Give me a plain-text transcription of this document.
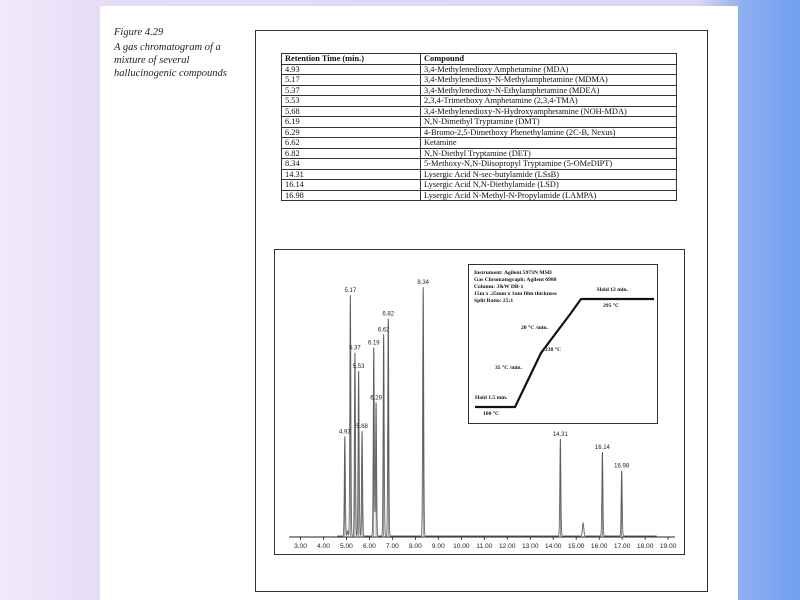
Figure 4.29
A gas chromatogram of a mixture of several hallucinogenic compounds
Retention Time (min.)	Compound
4.93	3,4-Methylenedioxy Amphetamine (MDA)
5.17	3,4-Methylenedioxy-N-Methylamphetamine (MDMA)
5.37	3,4-Methylenedioxy-N-Ethylamphetamine (MDEA)
5.53	2,3,4-Trimethoxy Amphetamine (2,3,4-TMA)
5.68	3,4-Methylenedioxy-N-Hydroxyamphetamine (NOH-MDA)
6.19	N,N-Dimethyl Tryptamine (DMT)
6.29	4-Bromo-2,5-Dimethoxy Phenethylamine (2C-B, Nexus)
6.62	Ketamine
6.82	N,N-Diethyl Tryptamine (DET)
8.34	5-Methoxy-N,N-Diisopropyl Tryptamine (5-OMeDIPT)
14.31	Lysergic Acid N-sec-butylamide (LSsB)
16.14	Lysergic Acid N,N-Diethylamide (LSD)
16.98	Lysergic Acid N-Methyl-N-Propylamide (LAMPA)
4.93
5.17
5.37
5.53
5.68
6.19
6.29
6.62
6.82
8.34
14.31
16.14
16.98
3.00 4.00 5.00 6.00 7.00 8.00 9.00 10.00 11.00 12.00 13.00 14.00 15.00 16.00 17.00 18.00 19.00
Instrument: Agilent 5973N MSD
Gas Chromatograph: Agilent 6980
Column: J&W DB-1
15m x .25mm x 1um film thickness
Split Ratio: 25:1
Hold 1.5 min.
100 °C
35 °C /min.
230 °C
20 °C /min.
Hold 12 min.
295 °C
